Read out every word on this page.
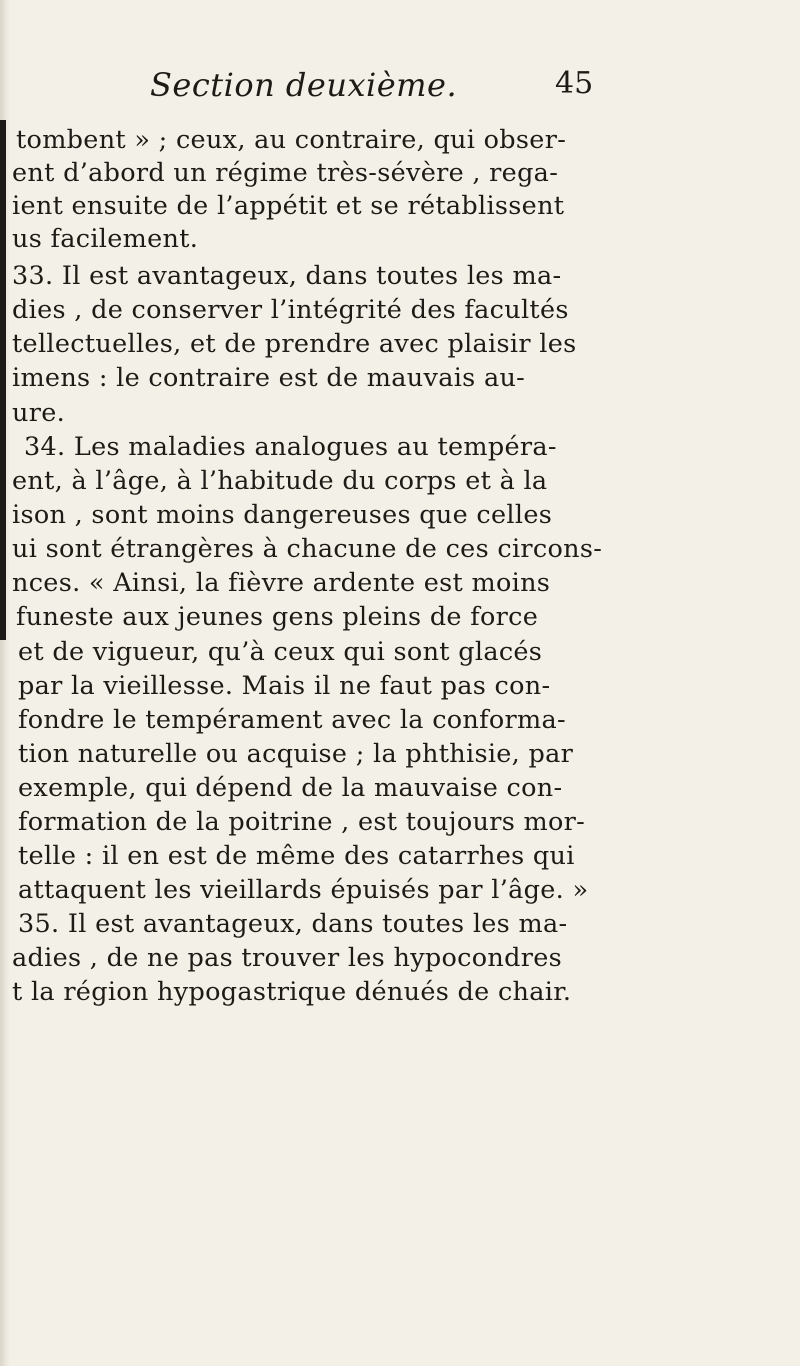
Section deuxième.	45
tombent » ; ceux, au contraire, qui obser-
ent d’abord un régime très-sévère , rega-
ient ensuite de l’appétit et se rétablissent
us facilement.
33. Il est avantageux, dans toutes les ma-
dies , de conserver l’intégrité des facultés
tellectuelles, et de prendre avec plaisir les
imens : le contraire est de mauvais au-
ure.
34. Les maladies analogues au tempéra-
ent, à l’âge, à l’habitude du corps et à la
ison , sont moins dangereuses que celles
ui sont étrangères à chacune de ces circons-
nces. « Ainsi, la fièvre ardente est moins
funeste aux jeunes gens pleins de force
et de vigueur, qu’à ceux qui sont glacés
par la vieillesse. Mais il ne faut pas con-
fondre le tempérament avec la conforma-
tion naturelle ou acquise ; la phthisie, par
exemple, qui dépend de la mauvaise con-
formation de la poitrine , est toujours mor-
telle : il en est de même des catarrhes qui
attaquent les vieillards épuisés par l’âge. »
35. Il est avantageux, dans toutes les ma-
adies , de ne pas trouver les hypocondres
t la région hypogastrique dénués de chair.
